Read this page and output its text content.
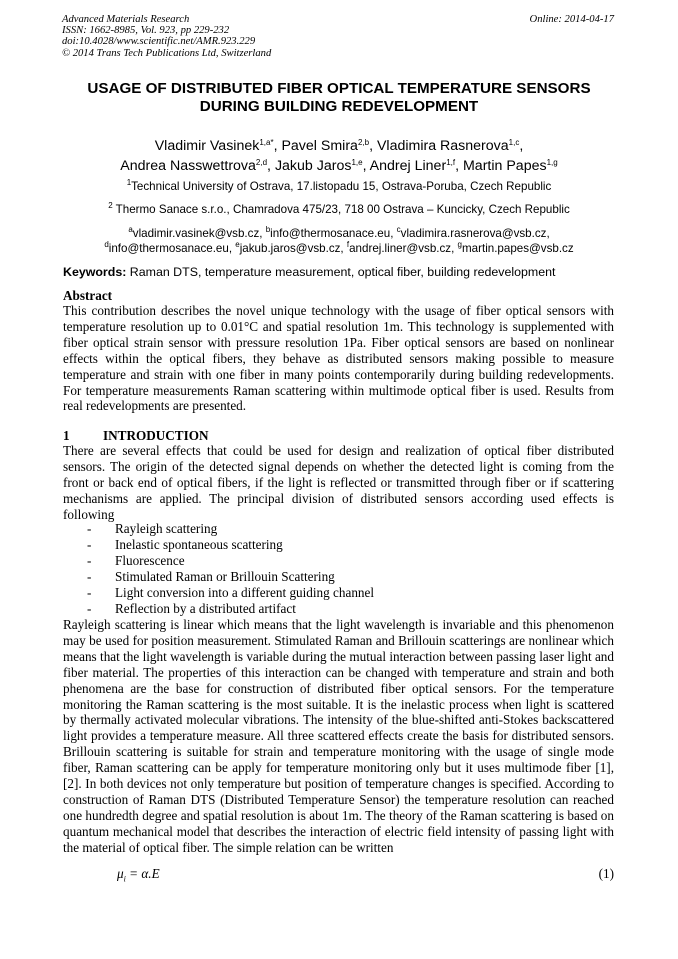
Advanced Materials Research
ISSN: 1662-8985, Vol. 923, pp 229-232
doi:10.4028/www.scientific.net/AMR.923.229
© 2014 Trans Tech Publications Ltd, Switzerland
Online: 2014-04-17
USAGE OF DISTRIBUTED FIBER OPTICAL TEMPERATURE SENSORS
DURING BUILDING REDEVELOPMENT
Vladimir Vasinek$^{1,a*}$, Pavel Smira$^{2,b}$, Vladimira Rasnerova$^{1,c}$,
Andrea Nasswettrova$^{2,d}$, Jakub Jaros$^{1,e}$, Andrej Liner$^{1,f}$, Martin Papes$^{1,g}$
$^1$Technical University of Ostrava, 17.listopadu 15, Ostrava-Poruba, Czech Republic
$^2$ Thermo Sanace s.r.o., Chamradova 475/23, 718 00 Ostrava – Kuncicky, Czech Republic
$^a$vladimir.vasinek@vsb.cz, $^b$info@thermosanace.eu, $^c$vladimira.rasnerova@vsb.cz,
$^d$info@thermosanace.eu, $^e$jakub.jaros@vsb.cz, $^f$andrej.liner@vsb.cz, $^g$martin.papes@vsb.cz
Keywords: Raman DTS, temperature measurement, optical fiber, building redevelopment
Abstract

This contribution describes the novel unique technology with the usage of fiber optical sensors with temperature resolution up to 0.01°C and spatial resolution 1m. This technology is supplemented with fiber optical strain sensor with pressure resolution 1Pa. Fiber optical sensors are based on nonlinear effects within the optical fibers, they behave as distributed sensors making possible to measure temperature and strain with one fiber in many points contemporarily during building redevelopments. For temperature measurements Raman scattering within multimode optical fiber is used. Results from real redevelopments are presented.

1	INTRODUCTION

There are several effects that could be used for design and realization of optical fiber distributed sensors. The origin of the detected signal depends on whether the detected light is coming from the front or back end of optical fibers, if the light is reflected or transmitted through fiber or if scattering mechanisms are applied. The principal division of distributed sensors according used effects is following

- Rayleigh scattering
- Inelastic spontaneous scattering
- Fluorescence
- Stimulated Raman or Brillouin Scattering
- Light conversion into a different guiding channel
- Reflection by a distributed artifact

Rayleigh scattering is linear which means that the light wavelength is invariable and this phenomenon may be used for position measurement. Stimulated Raman and Brillouin scatterings are nonlinear which means that the light wavelength is variable during the mutual interaction between passing laser light and fiber material. The properties of this interaction can be changed with temperature and strain and both phenomena are the base for construction of distributed fiber optical sensors. For the temperature monitoring the Raman scattering is the most suitable. It is the inelastic process when light is scattered by thermally activated molecular vibrations. The intensity of the blue-shifted anti-Stokes backscattered light provides a temperature measure. All three scattered effects create the basis for distributed sensors. Brillouin scattering is suitable for strain and temperature monitoring with the usage of single mode fiber, Raman scattering can be apply for temperature monitoring only but it uses multimode fiber [1],[2]. In both devices not only temperature but position of temperature changes is specified. According to construction of Raman DTS (Distributed Temperature Sensor) the temperature resolution can reached one hundredth degree and spatial resolution is about 1m. The theory of the Raman scattering is based on quantum mechanical model that describes the interaction of electric field intensity of passing light with the material of optical fiber. The simple relation can be written

$\mu_i = \alpha.E$	(1)
